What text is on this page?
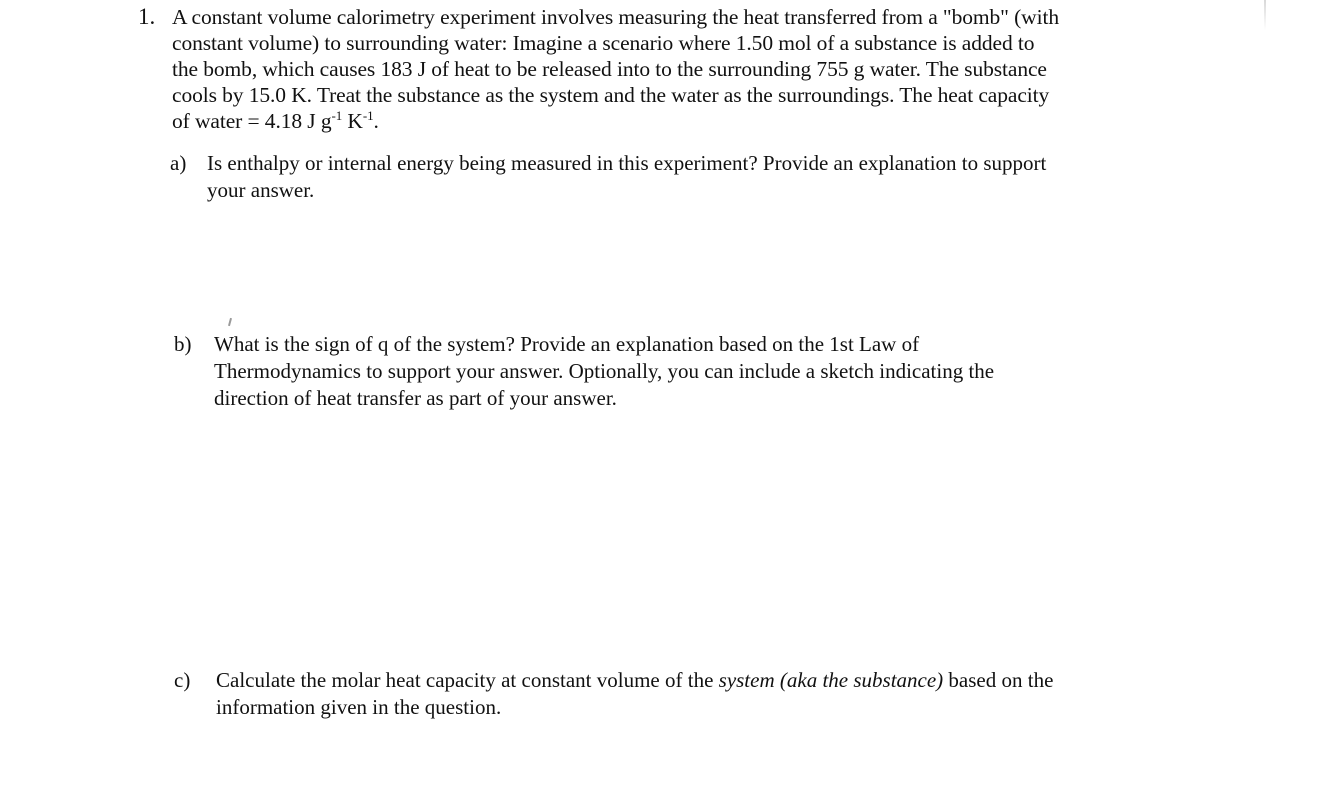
1. A constant volume calorimetry experiment involves measuring the heat transferred from a "bomb" (with
constant volume) to surrounding water: Imagine a scenario where 1.50 mol of a substance is added to
the bomb, which causes 183 J of heat to be released into to the surrounding 755 g water. The substance
cools by 15.0 K. Treat the substance as the system and the water as the surroundings. The heat capacity
of water = 4.18 J $g^{-1}$ $K^{-1}$.
a) Is enthalpy or internal energy being measured in this experiment? Provide an explanation to support
your answer.
b) What is the sign of q of the system? Provide an explanation based on the 1st Law of
Thermodynamics to support your answer. Optionally, you can include a sketch indicating the
direction of heat transfer as part of your answer.
c) Calculate the molar heat capacity at constant volume of the system (aka the substance) based on the
information given in the question.
